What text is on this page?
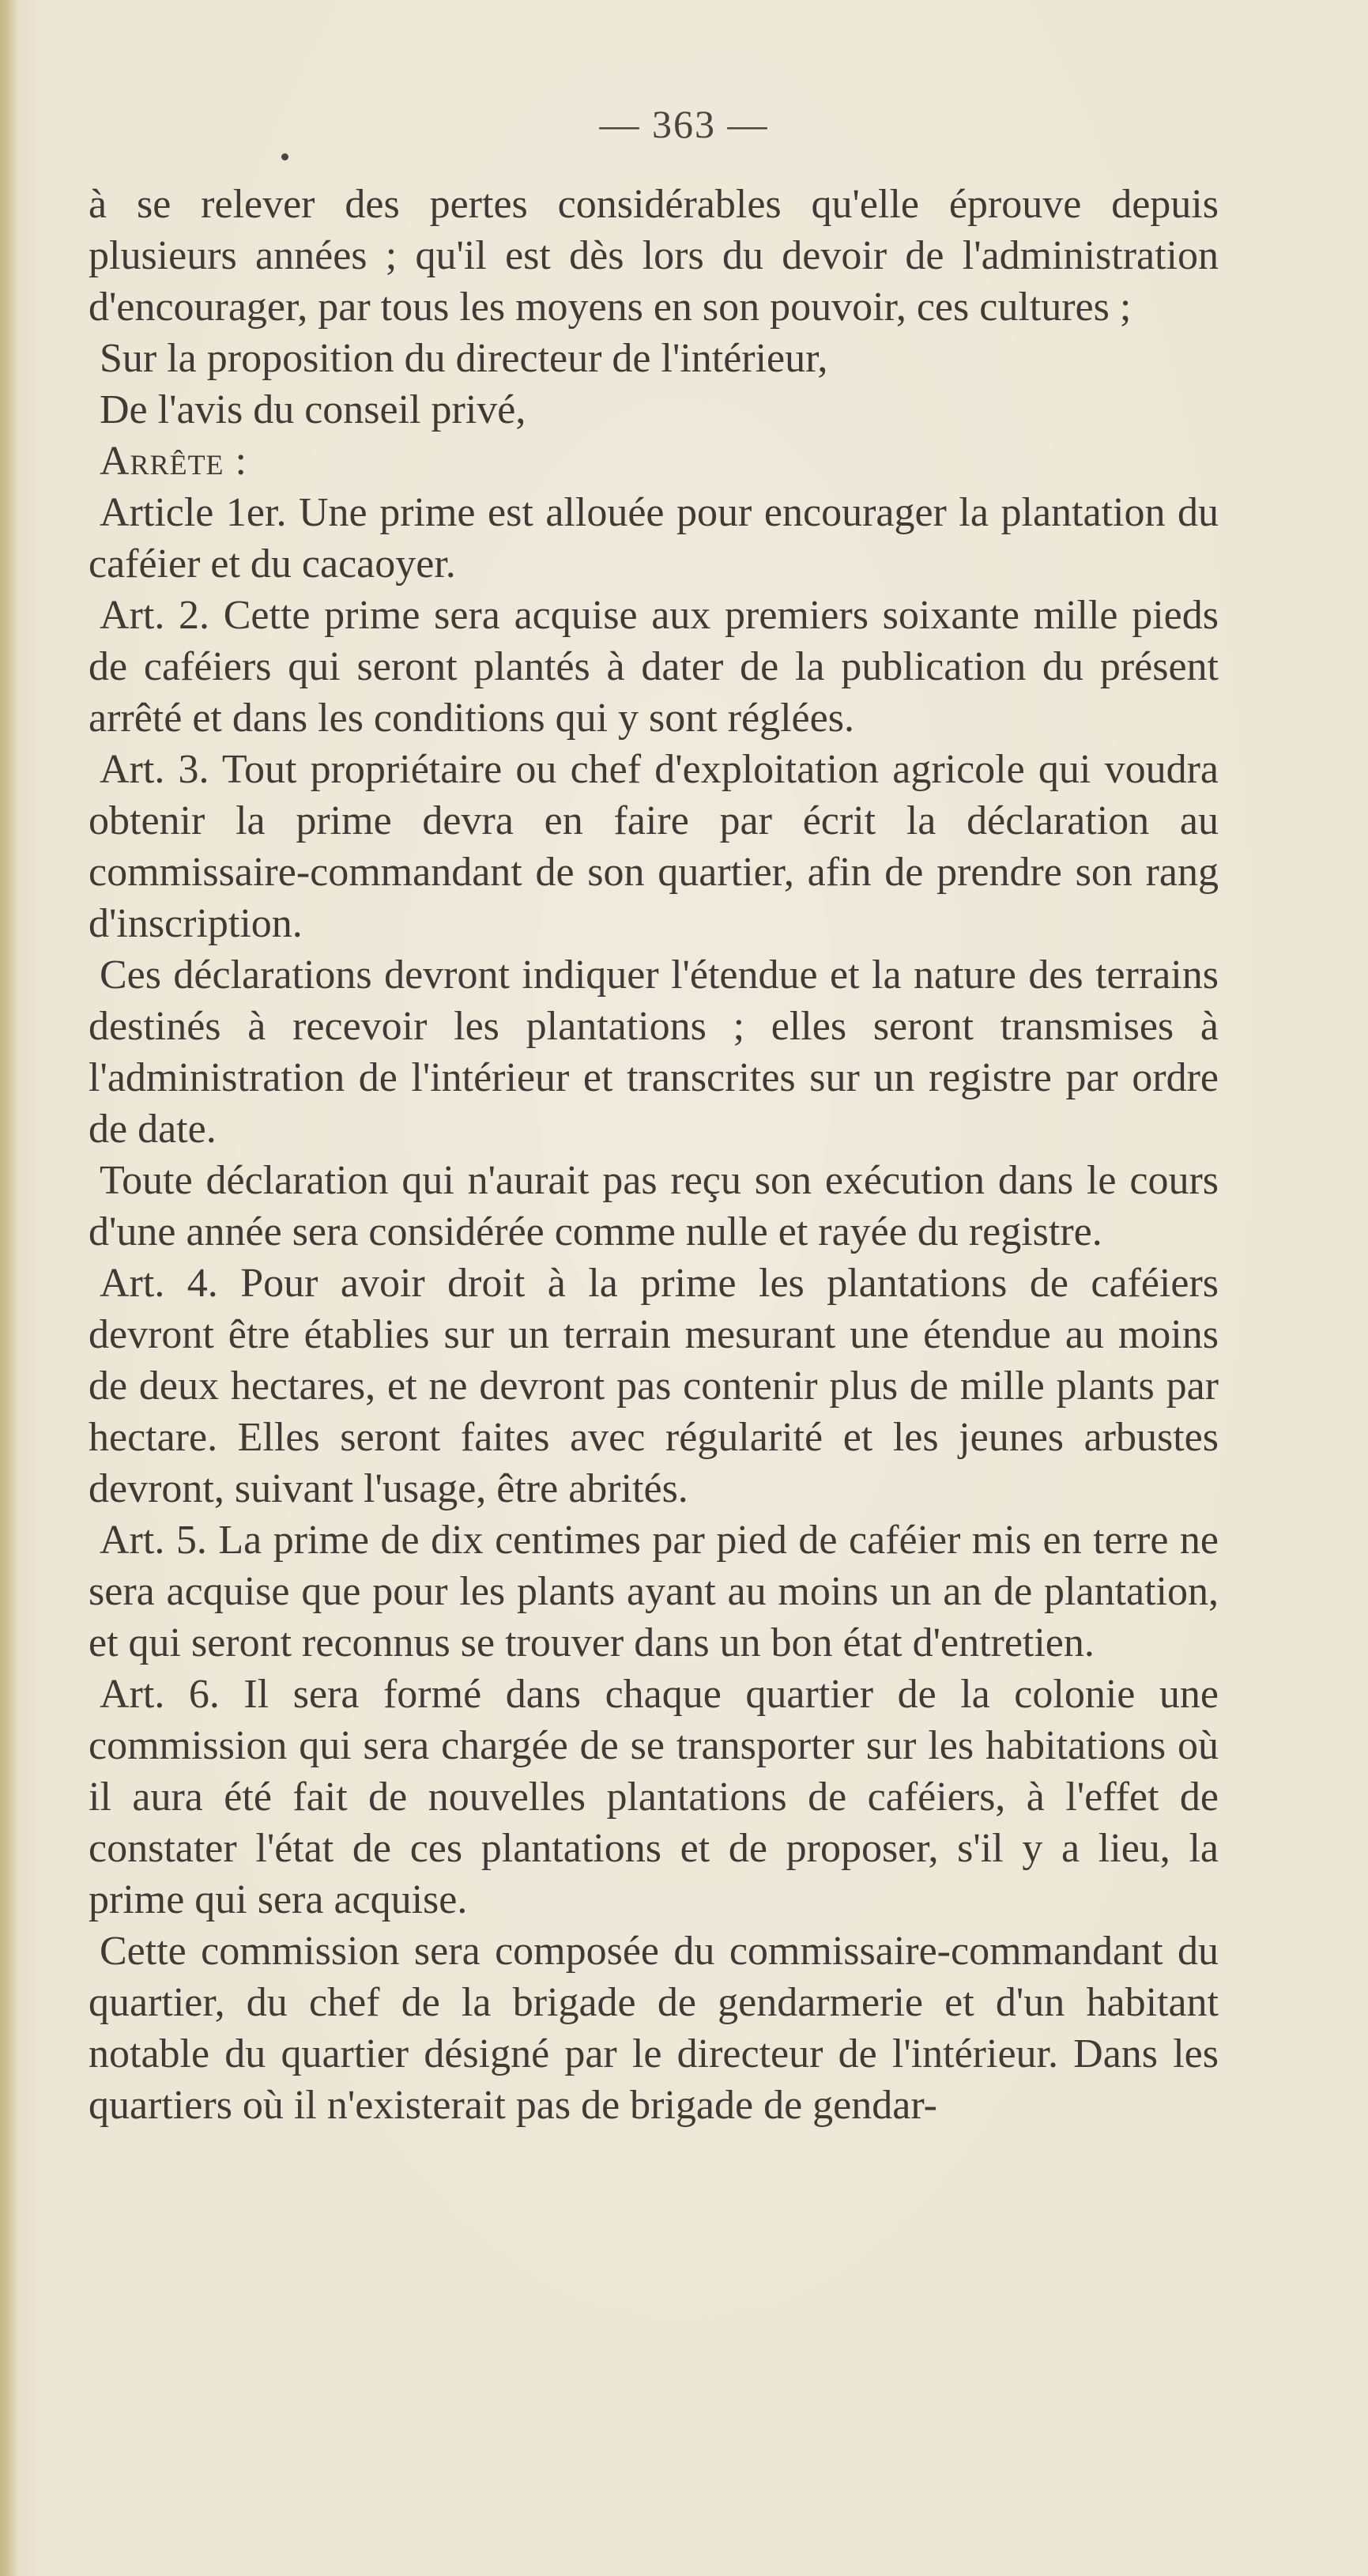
— 363 —

à se relever des pertes considérables qu'elle éprouve depuis plusieurs années ; qu'il est dès lors du devoir de l'administration d'encourager, par tous les moyens en son pouvoir, ces cultures ;

Sur la proposition du directeur de l'intérieur,

De l'avis du conseil privé,

Arrête :

Article 1er. Une prime est allouée pour encourager la plantation du caféier et du cacaoyer.

Art. 2. Cette prime sera acquise aux premiers soixante mille pieds de caféiers qui seront plantés à dater de la publication du présent arrêté et dans les conditions qui y sont réglées.

Art. 3. Tout propriétaire ou chef d'exploitation agricole qui voudra obtenir la prime devra en faire par écrit la déclaration au commissaire-commandant de son quartier, afin de prendre son rang d'inscription.

Ces déclarations devront indiquer l'étendue et la nature des terrains destinés à recevoir les plantations ; elles seront transmises à l'administration de l'intérieur et transcrites sur un registre par ordre de date.

Toute déclaration qui n'aurait pas reçu son exécution dans le cours d'une année sera considérée comme nulle et rayée du registre.

Art. 4. Pour avoir droit à la prime les plantations de caféiers devront être établies sur un terrain mesurant une étendue au moins de deux hectares, et ne devront pas contenir plus de mille plants par hectare. Elles seront faites avec régularité et les jeunes arbustes devront, suivant l'usage, être abrités.

Art. 5. La prime de dix centimes par pied de caféier mis en terre ne sera acquise que pour les plants ayant au moins un an de plantation, et qui seront reconnus se trouver dans un bon état d'entretien.

Art. 6. Il sera formé dans chaque quartier de la colonie une commission qui sera chargée de se transporter sur les habitations où il aura été fait de nouvelles plantations de caféiers, à l'effet de constater l'état de ces plantations et de proposer, s'il y a lieu, la prime qui sera acquise.

Cette commission sera composée du commissaire-commandant du quartier, du chef de la brigade de gendarmerie et d'un habitant notable du quartier désigné par le directeur de l'intérieur. Dans les quartiers où il n'existerait pas de brigade de gendar-
